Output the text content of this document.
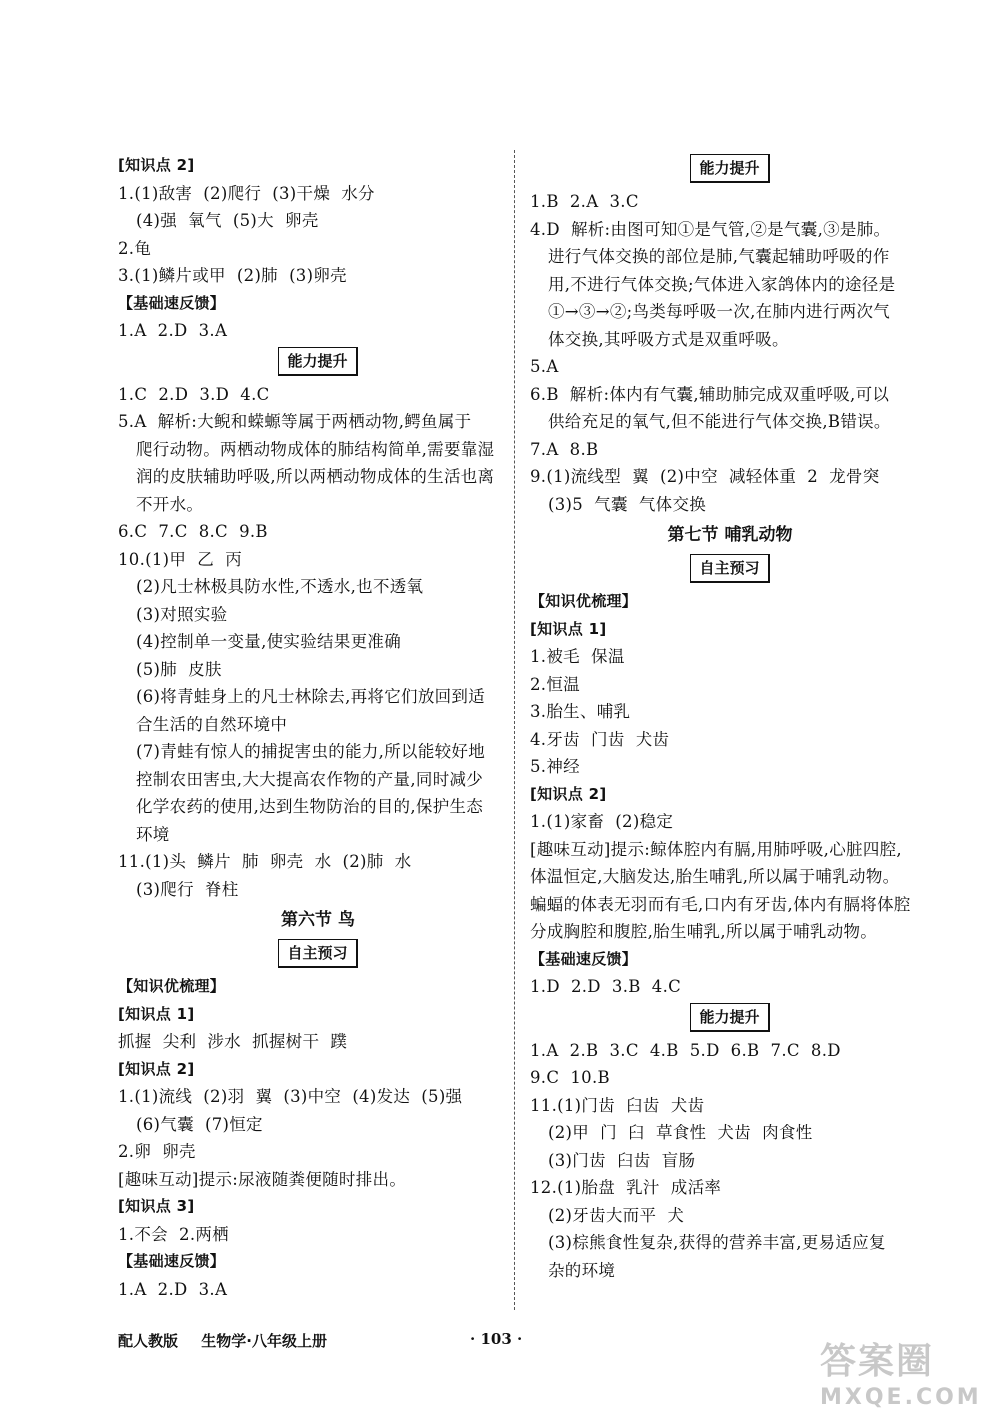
[知识点 2]
1.(1)敌害  (2)爬行  (3)干燥  水分
(4)强  氧气  (5)大  卵壳
2.龟
3.(1)鳞片或甲  (2)肺  (3)卵壳
【基础速反馈】
1.A  2.D  3.A
能力提升
1.C  2.D  3.D  4.C
5.A  解析:大鲵和蝾螈等属于两栖动物,鳄鱼属于
爬行动物。两栖动物成体的肺结构简单,需要靠湿
润的皮肤辅助呼吸,所以两栖动物成体的生活也离
不开水。
6.C  7.C  8.C  9.B
10.(1)甲  乙  丙
(2)凡士林极具防水性,不透水,也不透氧
(3)对照实验
(4)控制单一变量,使实验结果更准确
(5)肺  皮肤
(6)将青蛙身上的凡士林除去,再将它们放回到适
合生活的自然环境中
(7)青蛙有惊人的捕捉害虫的能力,所以能较好地
控制农田害虫,大大提高农作物的产量,同时减少
化学农药的使用,达到生物防治的目的,保护生态
环境
11.(1)头  鳞片  肺  卵壳  水  (2)肺  水
(3)爬行  脊柱
第六节 鸟
自主预习
【知识优梳理】
[知识点 1]
抓握  尖利  涉水  抓握树干  蹼
[知识点 2]
1.(1)流线  (2)羽  翼  (3)中空  (4)发达  (5)强
(6)气囊  (7)恒定
2.卵  卵壳
[趣味互动]提示:尿液随粪便随时排出。
[知识点 3]
1.不会  2.两栖
【基础速反馈】
1.A  2.D  3.A
能力提升
1.B  2.A  3.C
4.D  解析:由图可知①是气管,②是气囊,③是肺。
进行气体交换的部位是肺,气囊起辅助呼吸的作
用,不进行气体交换;气体进入家鸽体内的途径是
①→③→②;鸟类每呼吸一次,在肺内进行两次气
体交换,其呼吸方式是双重呼吸。
5.A
6.B  解析:体内有气囊,辅助肺完成双重呼吸,可以
供给充足的氧气,但不能进行气体交换,B错误。
7.A  8.B
9.(1)流线型  翼  (2)中空  减轻体重  2  龙骨突
(3)5  气囊  气体交换
第七节 哺乳动物
自主预习
【知识优梳理】
[知识点 1]
1.被毛  保温
2.恒温
3.胎生、哺乳
4.牙齿  门齿  犬齿
5.神经
[知识点 2]
1.(1)家畜  (2)稳定
[趣味互动]提示:鲸体腔内有膈,用肺呼吸,心脏四腔,
体温恒定,大脑发达,胎生哺乳,所以属于哺乳动物。
蝙蝠的体表无羽而有毛,口内有牙齿,体内有膈将体腔
分成胸腔和腹腔,胎生哺乳,所以属于哺乳动物。
【基础速反馈】
1.D  2.D  3.B  4.C
能力提升
1.A  2.B  3.C  4.B  5.D  6.B  7.C  8.D
9.C  10.B
11.(1)门齿  臼齿  犬齿
(2)甲  门  臼  草食性  犬齿  肉食性
(3)门齿  臼齿  盲肠
12.(1)胎盘  乳汁  成活率
(2)牙齿大而平  犬
(3)棕熊食性复杂,获得的营养丰富,更易适应复
杂的环境
配人教版 生物学·八年级上册	· 103 ·
答案圈
MXQE.COM
